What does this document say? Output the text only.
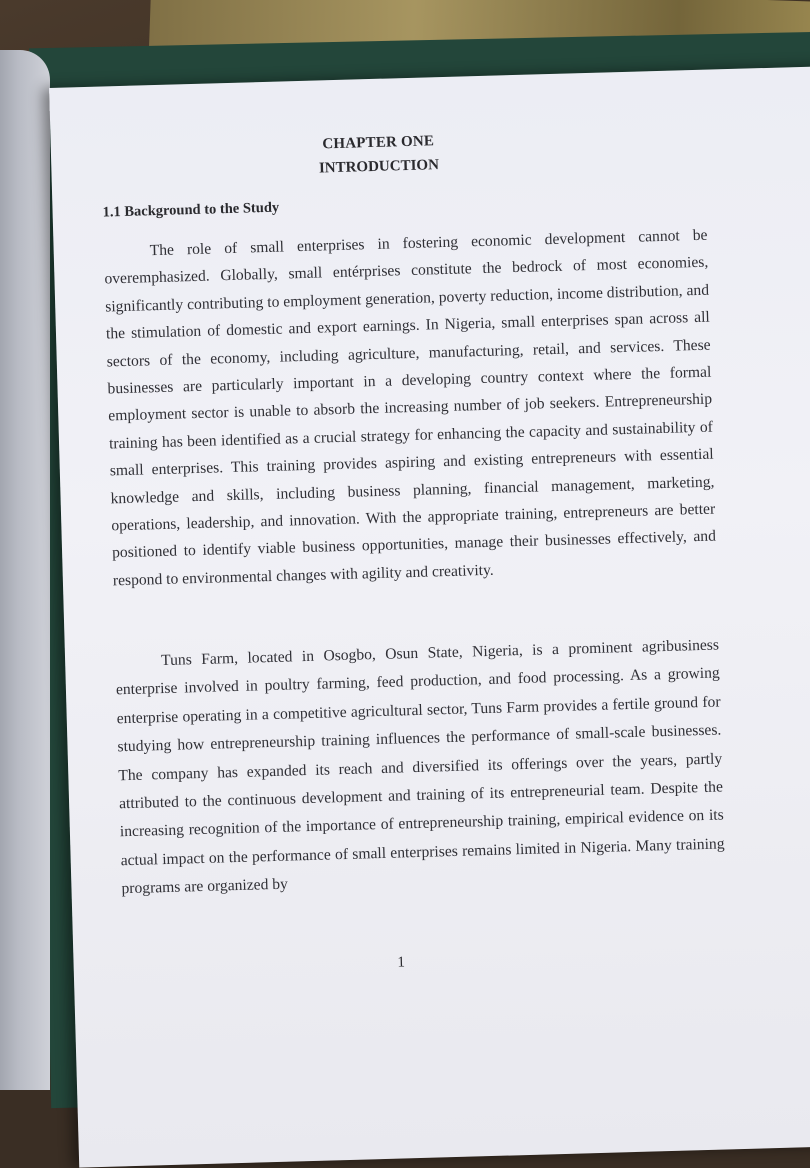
CHAPTER ONE
INTRODUCTION
1.1 Background to the Study

The role of small enterprises in fostering economic development cannot be overemphasized. Globally, small entérprises constitute the bedrock of most economies, significantly contributing to employment generation, poverty reduction, income distribution, and the stimulation of domestic and export earnings. In Nigeria, small enterprises span across all sectors of the economy, including agriculture, manufacturing, retail, and services. These businesses are particularly important in a developing country context where the formal employment sector is unable to absorb the increasing number of job seekers. Entrepreneurship training has been identified as a crucial strategy for enhancing the capacity and sustainability of small enterprises. This training provides aspiring and existing entrepreneurs with essential knowledge and skills, including business planning, financial management, marketing, operations, leadership, and innovation. With the appropriate training, entrepreneurs are better positioned to identify viable business opportunities, manage their businesses effectively, and respond to environmental changes with agility and creativity.

Tuns Farm, located in Osogbo, Osun State, Nigeria, is a prominent agribusiness enterprise involved in poultry farming, feed production, and food processing. As a growing enterprise operating in a competitive agricultural sector, Tuns Farm provides a fertile ground for studying how entrepreneurship training influences the performance of small-scale businesses. The company has expanded its reach and diversified its offerings over the years, partly attributed to the continuous development and training of its entrepreneurial team. Despite the increasing recognition of the importance of entrepreneurship training, empirical evidence on its actual impact on the performance of small enterprises remains limited in Nigeria. Many training programs are organized by

1
